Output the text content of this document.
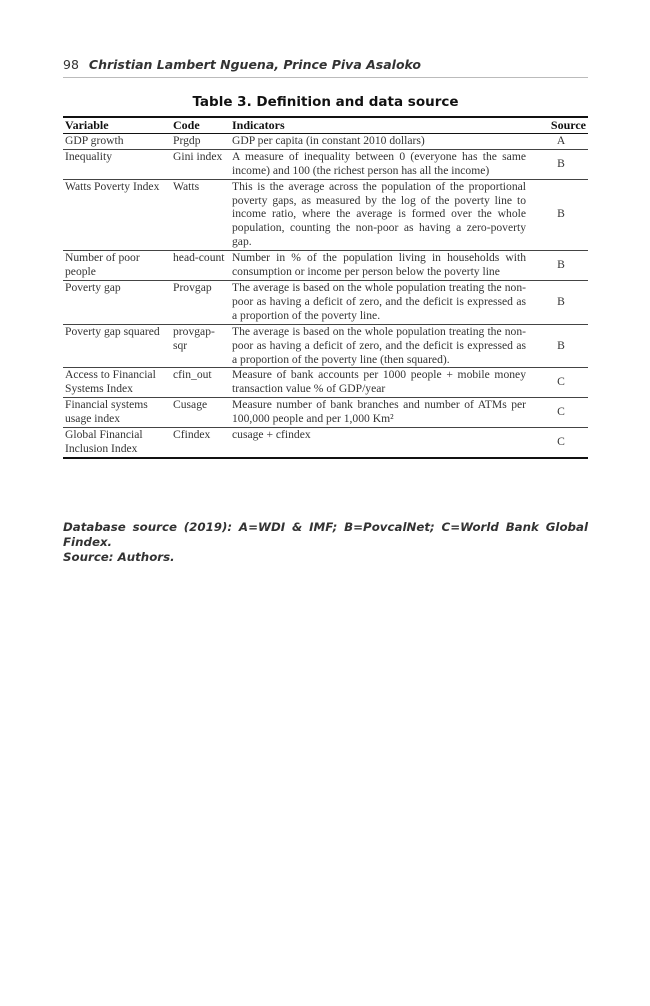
98 Christian Lambert Nguena, Prince Piva Asaloko
Table 3. Definition and data source
Variable	Code	Indicators	Source
GDP growth	Prgdp	GDP per capita (in constant 2010 dollars)	A
Inequality	Gini index	A measure of inequality between 0 (everyone has the same income) and 100 (the richest person has all the income)	B
Watts Poverty Index	Watts	This is the average across the population of the proportional poverty gaps, as measured by the log of the poverty line to income ratio, where the average is formed over the whole population, counting the non-poor as having a zero-poverty gap.	B
Number of poor people	head-count	Number in % of the population living in households with consumption or income per person below the poverty line	B
Poverty gap	Provgap	The average is based on the whole population treating the non-poor as having a deficit of zero, and the deficit is expressed as a proportion of the poverty line.	B
Poverty gap squared	provgap-sqr	The average is based on the whole population treating the non-poor as having a deficit of zero, and the deficit is expressed as a proportion of the poverty line (then squared).	B
Access to Financial Systems Index	cfin_out	Measure of bank accounts per 1000 people + mobile money transaction value % of GDP/year	C
Financial systems usage index	Cusage	Measure number of bank branches and number of ATMs per 100,000 people and per 1,000 Km²	C
Global Financial Inclusion Index	Cfindex	cusage + cfindex	C
Database source (2019): A=WDI & IMF; B=PovcalNet; C=World Bank Global Findex.
Source: Authors.
